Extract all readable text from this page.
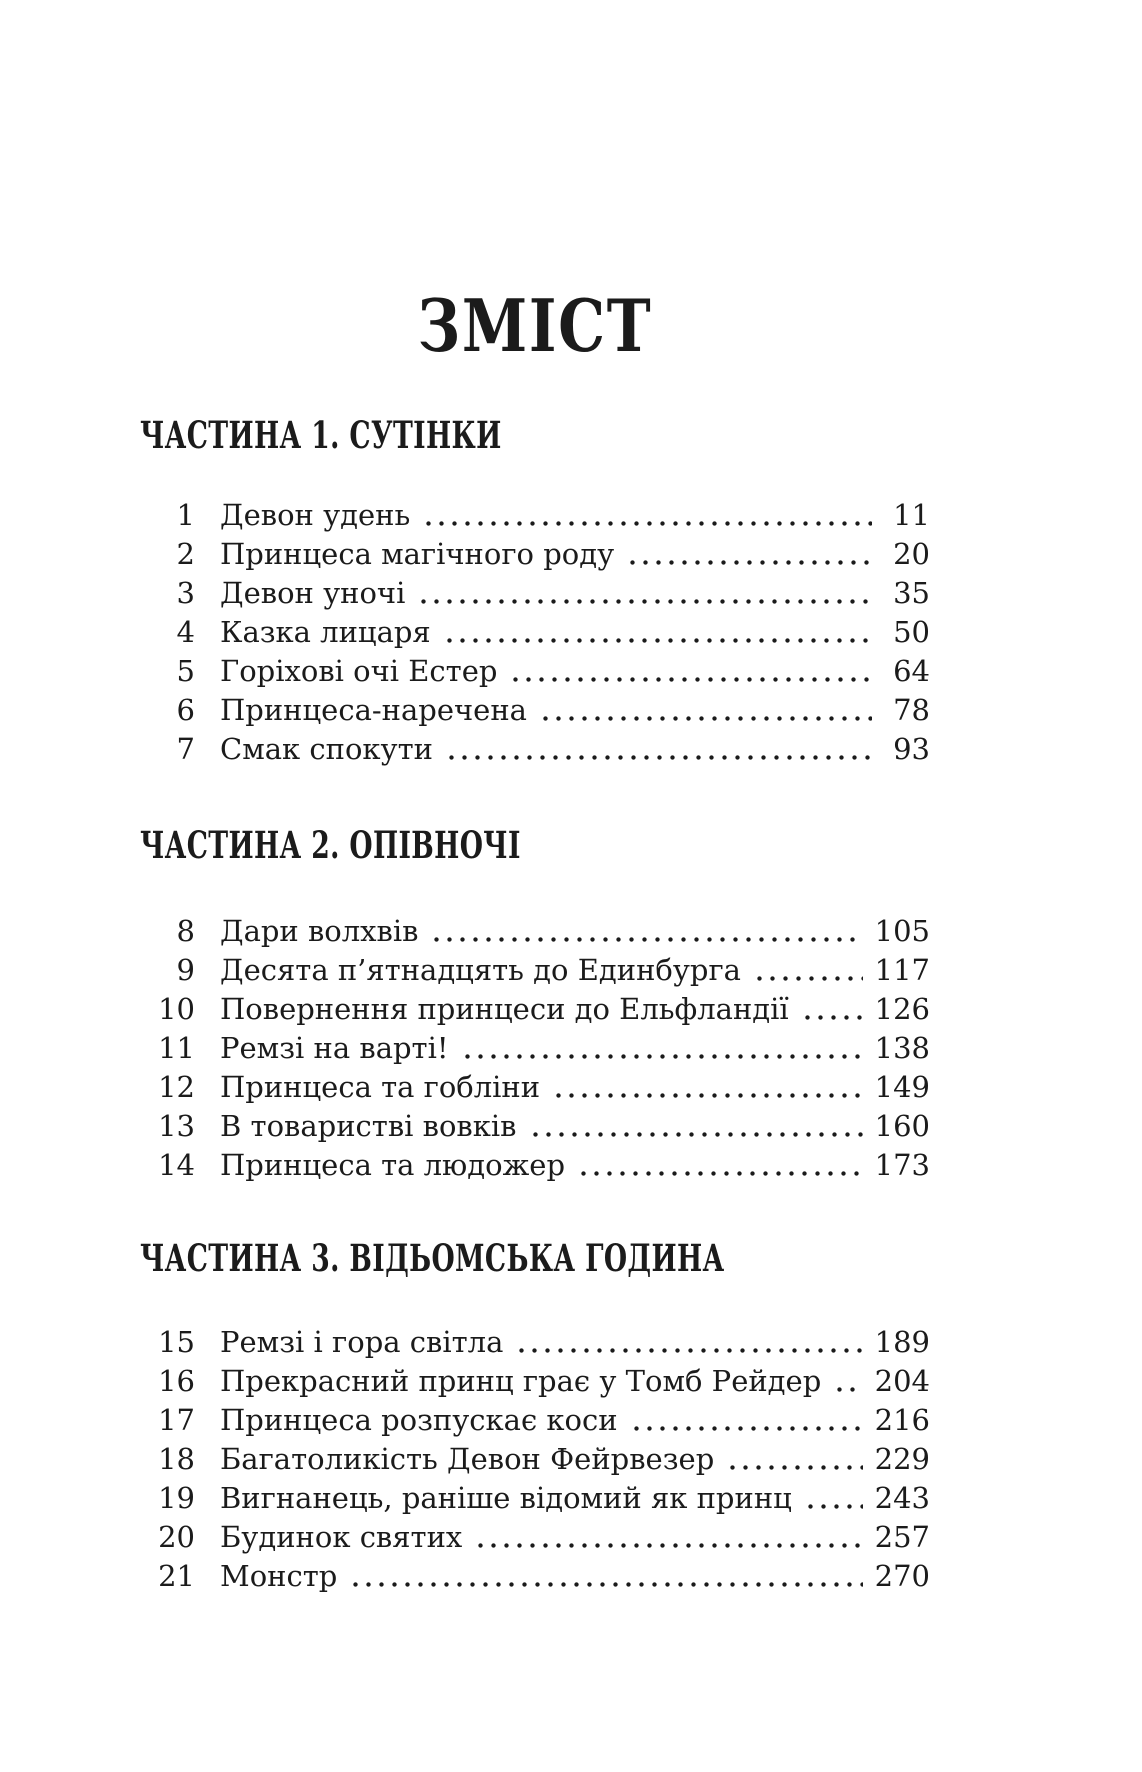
ЗМІСТ
ЧАСТИНА 1. СУТІНКИ
1 Девон удень	11
2 Принцеса магічного роду	20
3 Девон уночі	35
4 Казка лицаря	50
5 Горіхові очі Естер	64
6 Принцеса-наречена	78
7 Смак спокути	93
ЧАСТИНА 2. ОПІВНОЧІ
8 Дари волхвів	105
9 Десята п’ятнадцять до Единбурга	117
10 Повернення принцеси до Ельфландії	126
11 Ремзі на варті!	138
12 Принцеса та гобліни	149
13 В товаристві вовків	160
14 Принцеса та людожер	173
ЧАСТИНА 3. ВІДЬОМСЬКА ГОДИНА
15 Ремзі і гора світла	189
16 Прекрасний принц грає у Томб Рейдер 204
17 Принцеса розпускає коси	216
18 Багатоликість Девон Фейрвезер	229
19 Вигнанець, раніше відомий як принц	243
20 Будинок святих	257
21 Монстр	270
